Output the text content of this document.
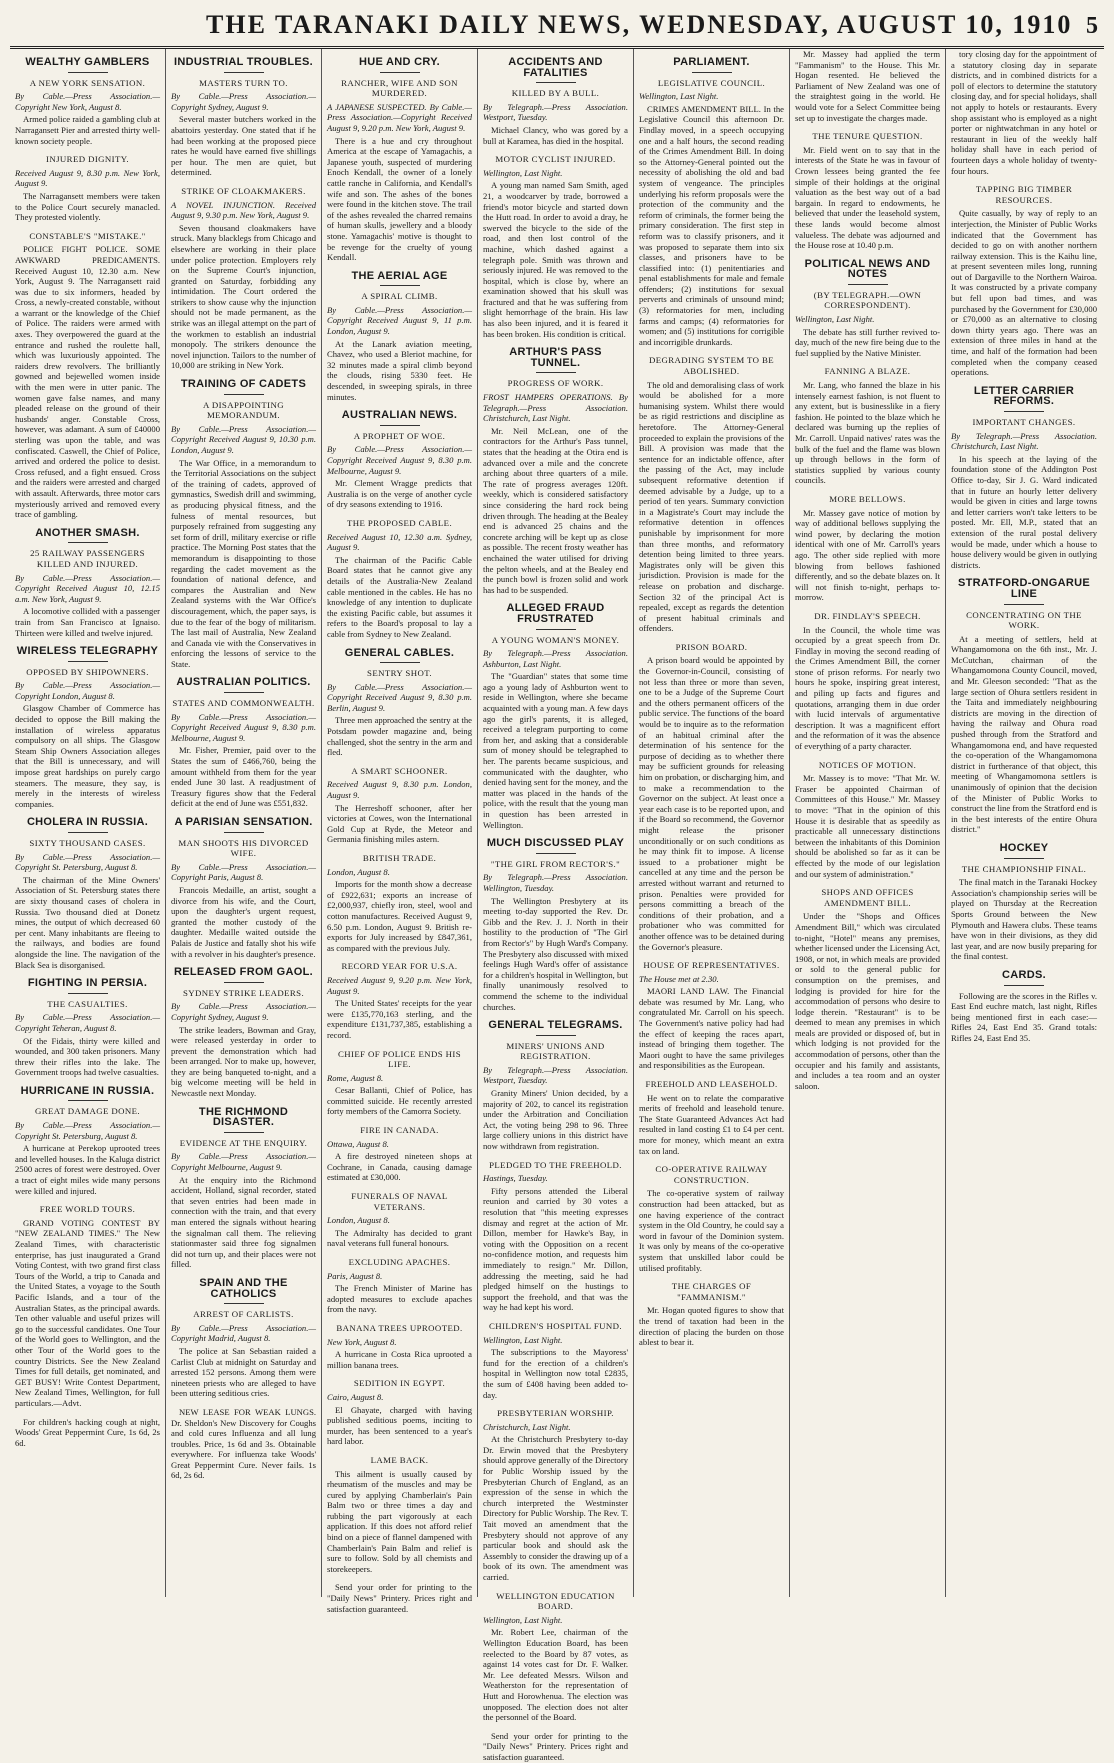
THE TARANAKI DAILY NEWS, WEDNESDAY, AUGUST 10, 1910 5
WEALTHY GAMBLERS
A NEW YORK SENSATION.
By Cable.—Press Association.—Copyright New York, August 8.

Armed police raided a gambling club at Narragansett Pier and arrested thirty well-known society people.

INJURED DIGNITY.
Received August 9, 8.30 p.m. New York, August 9.

The Narragansett members were taken to the Police Court securely manacled. They protested violently.

CONSTABLE'S "MISTAKE."

POLICE FIGHT POLICE. SOME AWKWARD PREDICAMENTS. Received August 10, 12.30 a.m. New York, August 9. The Narragansett raid was due to six informers, headed by Cross, a newly-created constable, without a warrant or the knowledge of the Chief of Police. The raiders were armed with axes. They overpowered the guard at the entrance and rushed the roulette hall, which was luxuriously appointed. The raiders drew revolvers. The brilliantly gowned and bejewelled women inside with the men were in utter panic. The women gave false names, and many pleaded release on the ground of their husbands' anger. Constable Cross, however, was adamant. A sum of £40000 sterling was upon the table, and was confiscated. Caswell, the Chief of Police, arrived and ordered the police to desist. Cross refused, and a fight ensued. Cross and the raiders were arrested and charged with assault. Afterwards, three motor cars mysteriously arrived and removed every trace of gambling.

ANOTHER SMASH.
25 RAILWAY PASSENGERS KILLED AND INJURED.
By Cable.—Press Association.—Copyright Received August 10, 12.15 a.m. New York, August 9.

A locomotive collided with a passenger train from San Francisco at Ignaiso. Thirteen were killed and twelve injured.

WIRELESS TELEGRAPHY
OPPOSED BY SHIPOWNERS.
By Cable.—Press Association.—Copyright London, August 8.

Glasgow Chamber of Commerce has decided to oppose the Bill making the installation of wireless apparatus compulsory on all ships. The Glasgow Steam Ship Owners Association alleges that the Bill is unnecessary, and will impose great hardships on purely cargo steamers. The measure, they say, is merely in the interests of wireless companies.

CHOLERA IN RUSSIA.
SIXTY THOUSAND CASES.
By Cable.—Press Association.—Copyright St. Petersburg, August 8.

The chairman of the Mine Owners' Association of St. Petersburg states there are sixty thousand cases of cholera in Russia. Two thousand died at Donetz mines, the output of which decreased 60 per cent. Many inhabitants are fleeing to the railways, and bodies are found alongside the line. The navigation of the Black Sea is disorganised.

FIGHTING IN PERSIA.
THE CASUALTIES.
By Cable.—Press Association.—Copyright Teheran, August 8.

Of the Fidais, thirty were killed and wounded, and 300 taken prisoners. Many threw their rifles into the lake. The Government troops had twelve casualties.

HURRICANE IN RUSSIA.
GREAT DAMAGE DONE.
By Cable.—Press Association.—Copyright St. Petersburg, August 8.

A hurricane at Perekop uprooted trees and levelled houses. In the Kaluga district 2500 acres of forest were destroyed. Over a tract of eight miles wide many persons were killed and injured.

FREE WORLD TOURS.

GRAND VOTING CONTEST BY "NEW ZEALAND TIMES." The New Zealand Times, with characteristic enterprise, has just inaugurated a Grand Voting Contest, with two grand first class Tours of the World, a trip to Canada and the United States, a voyage to the South Pacific Islands, and a tour of the Australian States, as the principal awards. Ten other valuable and useful prizes will go to the successful candidates. One Tour of the World goes to Wellington, and the other Tour of the World goes to the country Districts. See the New Zealand Times for full details, get nominated, and GET BUSY! Write Contest Department, New Zealand Times, Wellington, for full particulars.—Advt.

For children's hacking cough at night, Woods' Great Peppermint Cure, 1s 6d, 2s 6d.

INDUSTRIAL TROUBLES.
MASTERS TURN TO.
By Cable.—Press Association.—Copyright Sydney, August 9.

Several master butchers worked in the abattoirs yesterday. One stated that if he had been working at the proposed piece rates he would have earned five shillings per hour. The men are quiet, but determined.

STRIKE OF CLOAKMAKERS.
A NOVEL INJUNCTION. Received August 9, 9.30 p.m. New York, August 9.

Seven thousand cloakmakers have struck. Many blacklegs from Chicago and elsewhere are working in their place under police protection. Employers rely on the Supreme Court's injunction, granted on Saturday, forbidding any intimidation. The Court ordered the strikers to show cause why the injunction should not be made permanent, as the strike was an illegal attempt on the part of the workmen to establish an industrial monopoly. The strikers denounce the novel injunction. Tailors to the number of 10,000 are striking in New York.

TRAINING OF CADETS
A DISAPPOINTING MEMORANDUM.
By Cable.—Press Association.—Copyright Received August 9, 10.30 p.m. London, August 9.

The War Office, in a memorandum to the Territorial Associations on the subject of the training of cadets, approved of gymnastics, Swedish drill and swimming, as producing physical fitness, and the fulness of mental resources, but purposely refrained from suggesting any set form of drill, military exercise or rifle practice. The Morning Post states that the memorandum is disappointing to those regarding the cadet movement as the foundation of national defence, and compares the Australian and New Zealand systems with the War Office's discouragement, which, the paper says, is due to the fear of the bogy of militarism. The last mail of Australia, New Zealand and Canada vie with the Conservatives in enforcing the lessons of service to the State.

AUSTRALIAN POLITICS.
STATES AND COMMONWEALTH.
By Cable.—Press Association.—Copyright Received August 9, 8.30 p.m. Melbourne, August 9.

Mr. Fisher, Premier, paid over to the States the sum of £466,760, being the amount withheld from them for the year ended June 30 last. A readjustment of Treasury figures show that the Federal deficit at the end of June was £551,832.

A PARISIAN SENSATION.
MAN SHOOTS HIS DIVORCED WIFE.
By Cable.—Press Association.—Copyright Paris, August 8.

Francois Medaille, an artist, sought a divorce from his wife, and the Court, upon the daughter's urgent request, granted the mother custody of the daughter. Medaille waited outside the Palais de Justice and fatally shot his wife with a revolver in his daughter's presence.

RELEASED FROM GAOL.
SYDNEY STRIKE LEADERS.
By Cable.—Press Association.—Copyright Sydney, August 9.

The strike leaders, Bowman and Gray, were released yesterday in order to prevent the demonstration which had been arranged. Nor to make up, however, they are being banqueted to-night, and a big welcome meeting will be held in Newcastle next Monday.

THE RICHMOND DISASTER.
EVIDENCE AT THE ENQUIRY.
By Cable.—Press Association.—Copyright Melbourne, August 9.

At the enquiry into the Richmond accident, Holland, signal recorder, stated that seven entries had been made in connection with the train, and that every man entered the signals without hearing the signalman call them. The relieving stationmaster said three fog signalmen did not turn up, and their places were not filled.

SPAIN AND THE CATHOLICS
ARREST OF CARLISTS.
By Cable.—Press Association.—Copyright Madrid, August 8.

The police at San Sebastian raided a Carlist Club at midnight on Saturday and arrested 152 persons. Among them were nineteen priests who are alleged to have been uttering seditious cries.

NEW LEASE FOR WEAK LUNGS. Dr. Sheldon's New Discovery for Coughs and cold cures Influenza and all lung troubles. Price, 1s 6d and 3s. Obtainable everywhere. For influenza take Woods' Great Peppermint Cure. Never fails. 1s 6d, 2s 6d.

HUE AND CRY.
RANCHER, WIFE AND SON MURDERED.
A JAPANESE SUSPECTED. By Cable.—Press Association.—Copyright Received August 9, 9.20 p.m. New York, August 9.

There is a hue and cry throughout America at the escape of Yamagachis, a Japanese youth, suspected of murdering Enoch Kendall, the owner of a lonely cattle ranche in California, and Kendall's wife and son. The ashes of the bones were found in the kitchen stove. The trail of the ashes revealed the charred remains of human skulls, jewellery and a bloody stone. Yamagachis' motive is thought to be revenge for the cruelty of young Kendall.

THE AERIAL AGE
A SPIRAL CLIMB.
By Cable.—Press Association.—Copyright Received August 9, 11 p.m. London, August 9.

At the Lanark aviation meeting, Chavez, who used a Bleriot machine, for 32 minutes made a spiral climb beyond the clouds, rising 5330 feet. He descended, in sweeping spirals, in three minutes.

AUSTRALIAN NEWS.
A PROPHET OF WOE.
By Cable.—Press Association.—Copyright Received August 9, 8.30 p.m. Melbourne, August 9.

Mr. Clement Wragge predicts that Australia is on the verge of another cycle of dry seasons extending to 1916.

THE PROPOSED CABLE.
Received August 10, 12.30 a.m. Sydney, August 9.

The chairman of the Pacific Cable Board states that he cannot give any details of the Australia-New Zealand cable mentioned in the cables. He has no knowledge of any intention to duplicate the existing Pacific cable, but assumes it refers to the Board's proposal to lay a cable from Sydney to New Zealand.

GENERAL CABLES.
SENTRY SHOT.
By Cable.—Press Association.—Copyright Received August 9, 8.30 p.m. Berlin, August 9.

Three men approached the sentry at the Potsdam powder magazine and, being challenged, shot the sentry in the arm and fled.

A SMART SCHOONER.
Received August 9, 8.30 p.m. London, August 9.

The Herreshoff schooner, after her victories at Cowes, won the International Gold Cup at Ryde, the Meteor and Germania finishing miles astern.

BRITISH TRADE.
London, August 8.

Imports for the month show a decrease of £922,631; exports an increase of £2,000,937, chiefly iron, steel, wool and cotton manufactures. Received August 9, 6.50 p.m. London, August 9. British re-exports for July increased by £847,361, as compared with the previous July.

RECORD YEAR FOR U.S.A.
Received August 9, 9.20 p.m. New York, August 9.

The United States' receipts for the year were £135,770,163 sterling, and the expenditure £131,737,385, establishing a record.

CHIEF OF POLICE ENDS HIS LIFE.
Rome, August 8.

Cesar Ballanti, Chief of Police, has committed suicide. He recently arrested forty members of the Camorra Society.

FIRE IN CANADA.
Ottawa, August 8.

A fire destroyed nineteen shops at Cochrane, in Canada, causing damage estimated at £30,000.

FUNERALS OF NAVAL VETERANS.
London, August 8.

The Admiralty has decided to grant naval veterans full funeral honours.

EXCLUDING APACHES.
Paris, August 8.

The French Minister of Marine has adopted measures to exclude apaches from the navy.

BANANA TREES UPROOTED.
New York, August 8.

A hurricane in Costa Rica uprooted a million banana trees.

SEDITION IN EGYPT.
Cairo, August 8.

El Ghayate, charged with having published seditious poems, inciting to murder, has been sentenced to a year's hard labor.

LAME BACK.

This ailment is usually caused by rheumatism of the muscles and may be cured by applying Chamberlain's Pain Balm two or three times a day and rubbing the part vigorously at each application. If this does not afford relief bind on a piece of flannel dampened with Chamberlain's Pain Balm and relief is sure to follow. Sold by all chemists and storekeepers.

Send your order for printing to the "Daily News" Printery. Prices right and satisfaction guaranteed.

ACCIDENTS AND FATALITIES
KILLED BY A BULL.
By Telegraph.—Press Association. Westport, Tuesday.

Michael Clancy, who was gored by a bull at Karamea, has died in the hospital.

MOTOR CYCLIST INJURED.
Wellington, Last Night.

A young man named Sam Smith, aged 21, a woodcarver by trade, borrowed a friend's motor bicycle and started down the Hutt road. In order to avoid a dray, he swerved the bicycle to the side of the road, and then lost control of the machine, which dashed against a telegraph pole. Smith was thrown and seriously injured. He was removed to the hospital, which is close by, where an examination showed that his skull was fractured and that he was suffering from slight hemorrhage of the brain. His law has also been injured, and it is feared it has been broken. His condition is critical.

ARTHUR'S PASS TUNNEL.
PROGRESS OF WORK.
FROST HAMPERS OPERATIONS. By Telegraph.—Press Association. Christchurch, Last Night.

Mr. Neil McLean, one of the contractors for the Arthur's Pass tunnel, states that the heading at the Otira end is advanced over a mile and the concrete arching about three quarters of a mile. The rate of progress averages 120ft. weekly, which is considered satisfactory since considering the hard rock being driven through. The heading at the Bealey end is advanced 25 chains and the concrete arching will be kept up as close as possible. The recent frosty weather has enchained the water utilised for driving the pelton wheels, and at the Bealey end the punch bowl is frozen solid and work has had to be suspended.

ALLEGED FRAUD FRUSTRATED
A YOUNG WOMAN'S MONEY.
By Telegraph.—Press Association. Ashburton, Last Night.

The "Guardian" states that some time ago a young lady of Ashburton went to reside in Wellington, where she became acquainted with a young man. A few days ago the girl's parents, it is alleged, received a telegram purporting to come from her, and asking that a considerable sum of money should be telegraphed to her. The parents became suspicious, and communicated with the daughter, who denied having sent for the money, and the matter was placed in the hands of the police, with the result that the young man in question has been arrested in Wellington.

MUCH DISCUSSED PLAY
"THE GIRL FROM RECTOR'S."
By Telegraph.—Press Association. Wellington, Tuesday.

The Wellington Presbytery at its meeting to-day supported the Rev. Dr. Gibb and the Rev. J. J. North in their hostility to the production of "The Girl from Rector's" by Hugh Ward's Company. The Presbytery also discussed with mixed feelings Hugh Ward's offer of assistance for a children's hospital in Wellington, but finally unanimously resolved to commend the scheme to the individual churches.

GENERAL TELEGRAMS.
MINERS' UNIONS AND REGISTRATION.
By Telegraph.—Press Association. Westport, Tuesday.

Granity Miners' Union decided, by a majority of 202, to cancel its registration under the Arbitration and Conciliation Act, the voting being 298 to 96. Three large colliery unions in this district have now withdrawn from registration.

PLEDGED TO THE FREEHOLD.
Hastings, Tuesday.

Fifty persons attended the Liberal reunion and carried by 30 votes a resolution that "this meeting expresses dismay and regret at the action of Mr. Dillon, member for Hawke's Bay, in voting with the Opposition on a recent no-confidence motion, and requests him immediately to resign." Mr. Dillon, addressing the meeting, said he had pledged himself on the hustings to support the freehold, and that was the way he had kept his word.

CHILDREN'S HOSPITAL FUND.
Wellington, Last Night.

The subscriptions to the Mayoress' fund for the erection of a children's hospital in Wellington now total £2835, the sum of £408 having been added to-day.

PRESBYTERIAN WORSHIP.
Christchurch, Last Night.

At the Christchurch Presbytery to-day Dr. Erwin moved that the Presbytery should approve generally of the Directory for Public Worship issued by the Presbyterian Church of England, as an expression of the sense in which the church interpreted the Westminster Directory for Public Worship. The Rev. T. Tait moved an amendment that the Presbytery should not approve of any particular book and should ask the Assembly to consider the drawing up of a book of its own. The amendment was carried.

WELLINGTON EDUCATION BOARD.
Wellington, Last Night.

Mr. Robert Lee, chairman of the Wellington Education Board, has been reelected to the Board by 87 votes, as against 14 votes cast for Dr. F. Walker. Mr. Lee defeated Messrs. Wilson and Weatherston for the representation of Hutt and Horowhenua. The election was unopposed. The election does not alter the personnel of the Board.

Send your order for printing to the "Daily News" Printery. Prices right and satisfaction guaranteed.

PARLIAMENT.
LEGISLATIVE COUNCIL.
Wellington, Last Night.

CRIMES AMENDMENT BILL. In the Legislative Council this afternoon Dr. Findlay moved, in a speech occupying one and a half hours, the second reading of the Crimes Amendment Bill. In doing so the Attorney-General pointed out the necessity of abolishing the old and bad system of vengeance. The principles underlying his reform proposals were the protection of the community and the reform of criminals, the former being the primary consideration. The first step in reform was to classify prisoners, and it was proposed to separate them into six classes, and prisoners have to be classified into: (1) penitentiaries and penal establishments for male and female offenders; (2) institutions for sexual perverts and criminals of unsound mind; (3) reformatories for men, including farms and camps; (4) reformatories for women; and (5) institutions for corrigible and incorrigible drunkards.

DEGRADING SYSTEM TO BE ABOLISHED.

The old and demoralising class of work would be abolished for a more humanising system. Whilst there would be as rigid restrictions and discipline as heretofore. The Attorney-General proceeded to explain the provisions of the Bill. A provision was made that the sentence for an indictable offence, after the passing of the Act, may include subsequent reformative detention if deemed advisable by a Judge, up to a period of ten years. Summary conviction in a Magistrate's Court may include the reformative detention in offences punishable by imprisonment for more than three months, and reformatory detention being limited to three years. Magistrates only will be given this jurisdiction. Provision is made for the release on probation and discharge. Section 32 of the principal Act is repealed, except as regards the detention of present habitual criminals and offenders.

PRISON BOARD.

A prison board would be appointed by the Governor-in-Council, consisting of not less than three or more than seven, one to be a Judge of the Supreme Court and the others permanent officers of the public service. The functions of the board would be to inquire as to the reformation of an habitual criminal after the determination of his sentence for the purpose of deciding as to whether there may be sufficient grounds for releasing him on probation, or discharging him, and to make a recommendation to the Governor on the subject. At least once a year each case is to be reported upon, and if the Board so recommend, the Governor might release the prisoner unconditionally or on such conditions as he may think fit to impose. A license issued to a probationer might be cancelled at any time and the person be arrested without warrant and returned to prison. Penalties were provided for persons committing a breach of the conditions of their probation, and a probationer who was committed for another offence was to be detained during the Governor's pleasure.

HOUSE OF REPRESENTATIVES.
The House met at 2.30.

MAORI LAND LAW. The Financial debate was resumed by Mr. Lang, who congratulated Mr. Carroll on his speech. The Government's native policy had had the effect of keeping the races apart, instead of bringing them together. The Maori ought to have the same privileges and responsibilities as the European.

FREEHOLD AND LEASEHOLD.

He went on to relate the comparative merits of freehold and leasehold tenure. The State Guaranteed Advances Act had resulted in land costing £1 to £4 per cent. more for money, which meant an extra tax on land.

CO-OPERATIVE RAILWAY CONSTRUCTION.

The co-operative system of railway construction had been attacked, but as one having experience of the contract system in the Old Country, he could say a word in favour of the Dominion system. It was only by means of the co-operative system that unskilled labor could be utilised profitably.

THE CHARGES OF "FAMMANISM."

Mr. Hogan quoted figures to show that the trend of taxation had been in the direction of placing the burden on those ablest to bear it.

Mr. Massey had applied the term "Fammanism" to the House. This Mr. Hogan resented. He believed the Parliament of New Zealand was one of the straightest going in the world. He would vote for a Select Committee being set up to investigate the charges made.

THE TENURE QUESTION.

Mr. Field went on to say that in the interests of the State he was in favour of Crown lessees being granted the fee simple of their holdings at the original valuation as the best way out of a bad bargain. In regard to endowments, he believed that under the leasehold system, these lands would become almost valueless. The debate was adjourned and the House rose at 10.40 p.m.

POLITICAL NEWS AND NOTES
(BY TELEGRAPH.—OWN CORRESPONDENT).
Wellington, Last Night.

The debate has still further revived to-day, much of the new fire being due to the fuel supplied by the Native Minister.

FANNING A BLAZE.

Mr. Lang, who fanned the blaze in his intensely earnest fashion, is not fluent to any extent, but is businesslike in a fiery fashion. He pointed to the blaze which he declared was burning up the replies of Mr. Carroll. Unpaid natives' rates was the bulk of the fuel and the flame was blown up through bellows in the form of statistics supplied by various county councils.

MORE BELLOWS.

Mr. Massey gave notice of motion by way of additional bellows supplying the wind power, by declaring the motion identical with one of Mr. Carroll's years ago. The other side replied with more blowing from bellows fashioned differently, and so the debate blazes on. It will not finish to-night, perhaps to-morrow.

DR. FINDLAY'S SPEECH.

In the Council, the whole time was occupied by a great speech from Dr. Findlay in moving the second reading of the Crimes Amendment Bill, the corner stone of prison reforms. For nearly two hours he spoke, inspiring great interest, and piling up facts and figures and quotations, arranging them in due order with lucid intervals of argumentative description. It was a magnificent effort and the reformation of it was the absence of everything of a party character.

NOTICES OF MOTION.

Mr. Massey is to move: "That Mr. W. Fraser be appointed Chairman of Committees of this House." Mr. Massey to move: "That in the opinion of this House it is desirable that as speedily as practicable all unnecessary distinctions between the inhabitants of this Dominion should be abolished so far as it can be effected by the mode of our legislation and our system of administration."

SHOPS AND OFFICES AMENDMENT BILL.

Under the "Shops and Offices Amendment Bill," which was circulated to-night, "Hotel" means any premises, whether licensed under the Licensing Act, 1908, or not, in which meals are provided or sold to the general public for consumption on the premises, and lodging is provided for hire for the accommodation of persons who desire to lodge therein. "Restaurant" is to be deemed to mean any premises in which meals are provided or disposed of, but in which lodging is not provided for the accommodation of persons, other than the occupier and his family and assistants, and includes a tea room and an oyster saloon.

tory closing day for the appointment of a statutory closing day in separate districts, and in combined districts for a poll of electors to determine the statutory closing day, and for special holidays, shall not apply to hotels or restaurants. Every shop assistant who is employed as a night porter or nightwatchman in any hotel or restaurant in lieu of the weekly half holiday shall have in each period of fourteen days a whole holiday of twenty-four hours.

TAPPING BIG TIMBER RESOURCES.

Quite casually, by way of reply to an interjection, the Minister of Public Works indicated that the Government has decided to go on with another northern railway extension. This is the Kaihu line, at present seventeen miles long, running out of Dargaville to the Northern Wairoa. It was constructed by a private company but fell upon bad times, and was purchased by the Government for £30,000 or £70,000 as an alternative to closing down thirty years ago. There was an extension of three miles in hand at the time, and half of the formation had been completed when the company ceased operations.

LETTER CARRIER REFORMS.
IMPORTANT CHANGES.
By Telegraph.—Press Association. Christchurch, Last Night.

In his speech at the laying of the foundation stone of the Addington Post Office to-day, Sir J. G. Ward indicated that in future an hourly letter delivery would be given in cities and large towns and letter carriers won't take letters to be posted. Mr. Ell, M.P., stated that an extension of the rural postal delivery would be made, under which a house to house delivery would be given in outlying districts.

STRATFORD-ONGARUE LINE
CONCENTRATING ON THE WORK.

At a meeting of settlers, held at Whangamomona on the 6th inst., Mr. J. McCutchan, chairman of the Whangamomona County Council, moved, and Mr. Gleeson seconded: "That as the large section of Ohura settlers resident in the Taita and immediately neighbouring districts are moving in the direction of having the railway and Ohura road pushed through from the Stratford and Whangamomona end, and have requested the co-operation of the Whangamomona district in furtherance of that object, this meeting of Whangamomona settlers is unanimously of opinion that the decision of the Minister of Public Works to construct the line from the Stratford end is in the best interests of the entire Ohura district."

HOCKEY
THE CHAMPIONSHIP FINAL.

The final match in the Taranaki Hockey Association's championship series will be played on Thursday at the Recreation Sports Ground between the New Plymouth and Hawera clubs. These teams have won in their divisions, as they did last year, and are now busily preparing for the final contest.

CARDS.

Following are the scores in the Rifles v. East End euchre match, last night, Rifles being mentioned first in each case:—Rifles 24, East End 35. Grand totals: Rifles 24, East End 35.
